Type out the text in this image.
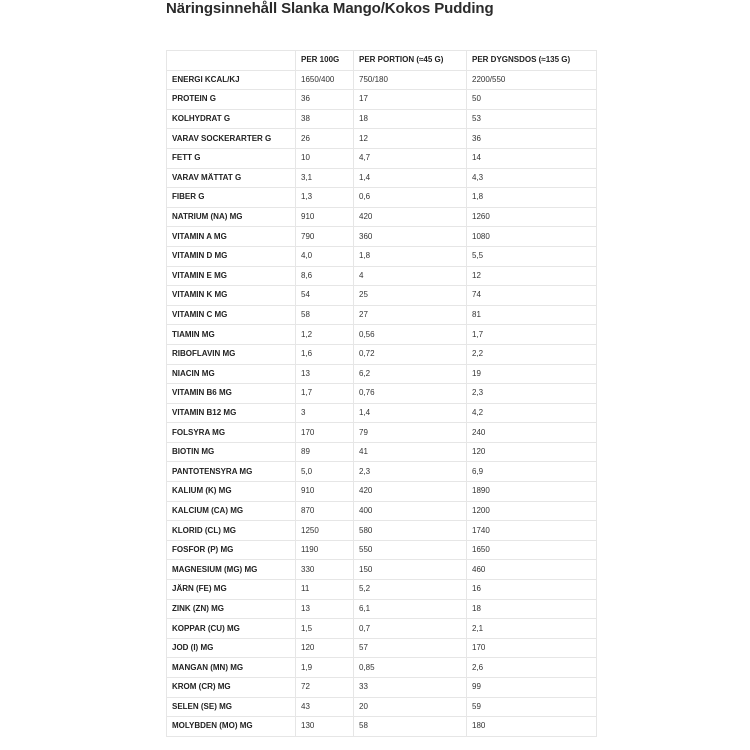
Näringsinnehåll Slanka Mango/Kokos Pudding
	PER 100G	PER PORTION (≈45 G)	PER DYGNSDOS (≈135 G)
ENERGI KCAL/KJ	1650/400	750/180	2200/550
PROTEIN G	36	17	50
KOLHYDRAT G	38	18	53
VARAV SOCKERARTER G	26	12	36
FETT G	10	4,7	14
VARAV MÄTTAT G	3,1	1,4	4,3
FIBER G	1,3	0,6	1,8
NATRIUM (NA) MG	910	420	1260
VITAMIN A MG	790	360	1080
VITAMIN D MG	4,0	1,8	5,5
VITAMIN E MG	8,6	4	12
VITAMIN K MG	54	25	74
VITAMIN C MG	58	27	81
TIAMIN MG	1,2	0,56	1,7
RIBOFLAVIN MG	1,6	0,72	2,2
NIACIN MG	13	6,2	19
VITAMIN B6 MG	1,7	0,76	2,3
VITAMIN B12 MG	3	1,4	4,2
FOLSYRA MG	170	79	240
BIOTIN MG	89	41	120
PANTOTENSYRA MG	5,0	2,3	6,9
KALIUM (K) MG	910	420	1890
KALCIUM (CA) MG	870	400	1200
KLORID (CL) MG	1250	580	1740
FOSFOR (P) MG	1190	550	1650
MAGNESIUM (MG) MG	330	150	460
JÄRN (FE) MG	11	5,2	16
ZINK (ZN) MG	13	6,1	18
KOPPAR (CU) MG	1,5	0,7	2,1
JOD (I) MG	120	57	170
MANGAN (MN) MG	1,9	0,85	2,6
KROM (CR) MG	72	33	99
SELEN (SE) MG	43	20	59
MOLYBDEN (MO) MG	130	58	180
